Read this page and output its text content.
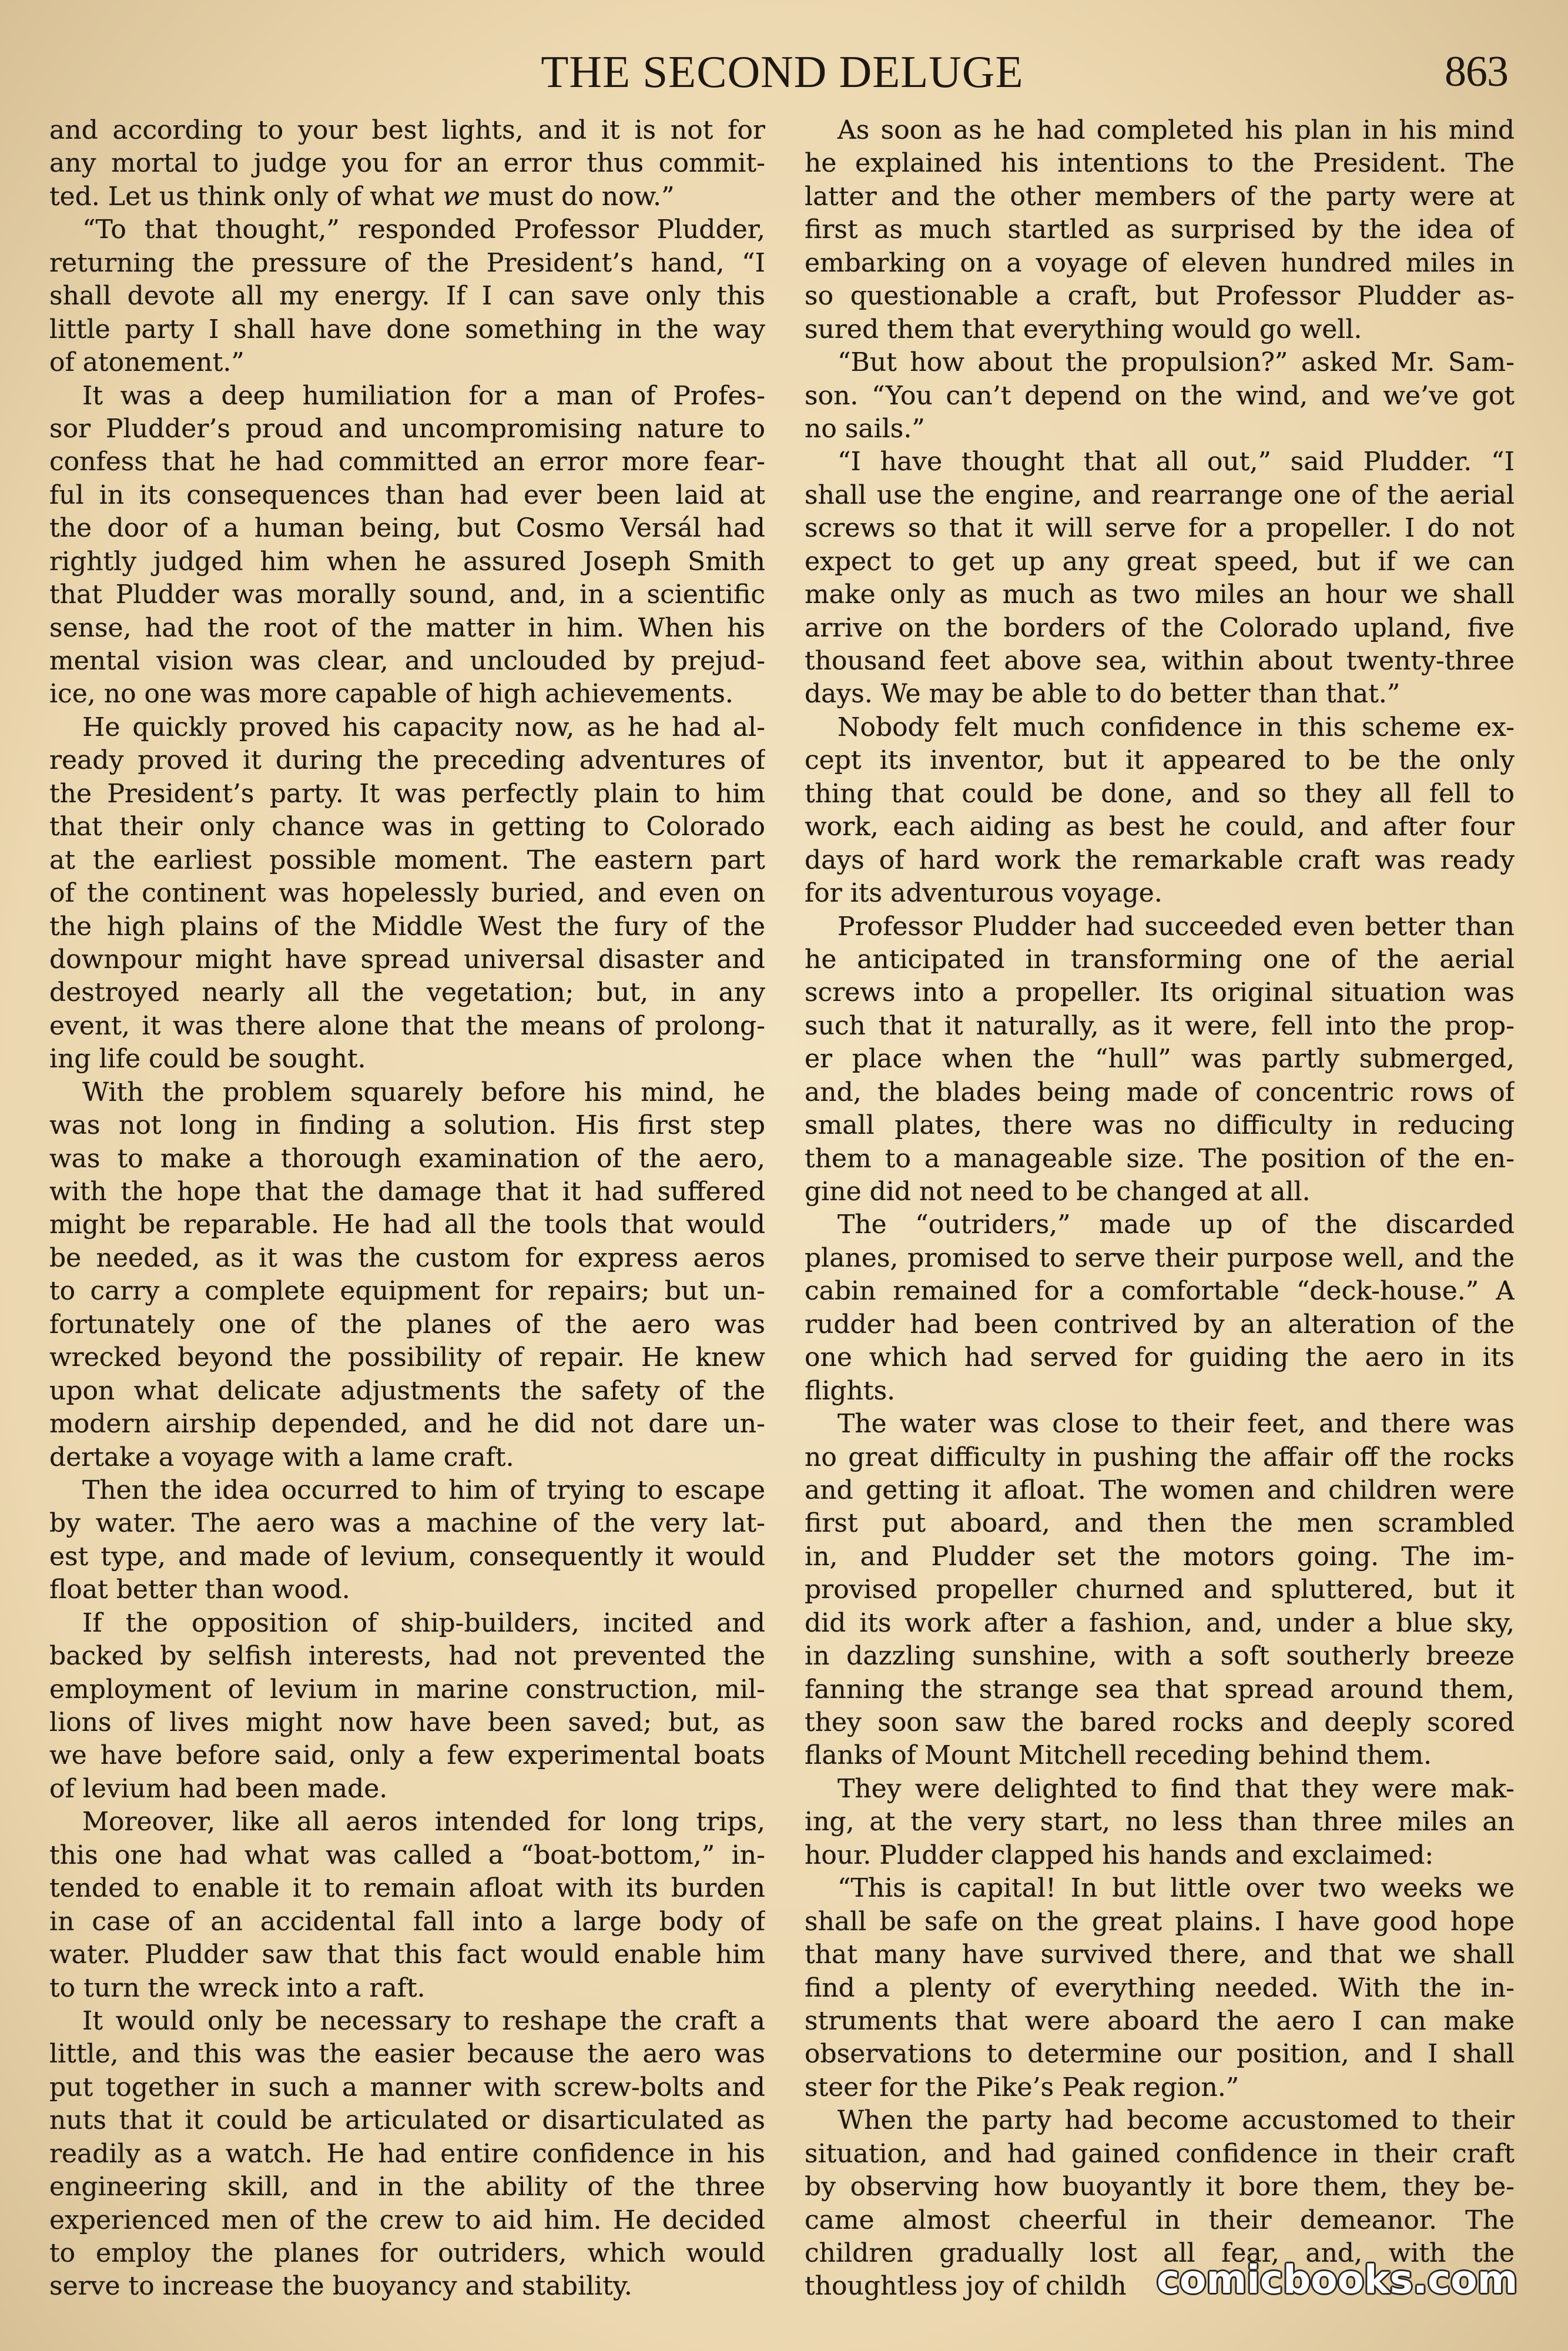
THE SECOND DELUGE	863
and according to your best lights, and it is not for
any mortal to judge you for an error thus commit-
ted. Let us think only of what we must do now.”
“To that thought,” responded Professor Pludder,
returning the pressure of the President’s hand, “I
shall devote all my energy. If I can save only this
little party I shall have done something in the way
of atonement.”
It was a deep humiliation for a man of Profes-
sor Pludder’s proud and uncompromising nature to
confess that he had committed an error more fear-
ful in its consequences than had ever been laid at
the door of a human being, but Cosmo Versál had
rightly judged him when he assured Joseph Smith
that Pludder was morally sound, and, in a scientific
sense, had the root of the matter in him. When his
mental vision was clear, and unclouded by prejud-
ice, no one was more capable of high achievements.
He quickly proved his capacity now, as he had al-
ready proved it during the preceding adventures of
the President’s party. It was perfectly plain to him
that their only chance was in getting to Colorado
at the earliest possible moment. The eastern part
of the continent was hopelessly buried, and even on
the high plains of the Middle West the fury of the
downpour might have spread universal disaster and
destroyed nearly all the vegetation; but, in any
event, it was there alone that the means of prolong-
ing life could be sought.
With the problem squarely before his mind, he
was not long in finding a solution. His first step
was to make a thorough examination of the aero,
with the hope that the damage that it had suffered
might be reparable. He had all the tools that would
be needed, as it was the custom for express aeros
to carry a complete equipment for repairs; but un-
fortunately one of the planes of the aero was
wrecked beyond the possibility of repair. He knew
upon what delicate adjustments the safety of the
modern airship depended, and he did not dare un-
dertake a voyage with a lame craft.
Then the idea occurred to him of trying to escape
by water. The aero was a machine of the very lat-
est type, and made of levium, consequently it would
float better than wood.
If the opposition of ship-builders, incited and
backed by selfish interests, had not prevented the
employment of levium in marine construction, mil-
lions of lives might now have been saved; but, as
we have before said, only a few experimental boats
of levium had been made.
Moreover, like all aeros intended for long trips,
this one had what was called a “boat-bottom,” in-
tended to enable it to remain afloat with its burden
in case of an accidental fall into a large body of
water. Pludder saw that this fact would enable him
to turn the wreck into a raft.
It would only be necessary to reshape the craft a
little, and this was the easier because the aero was
put together in such a manner with screw-bolts and
nuts that it could be articulated or disarticulated as
readily as a watch. He had entire confidence in his
engineering skill, and in the ability of the three
experienced men of the crew to aid him. He decided
to employ the planes for outriders, which would
serve to increase the buoyancy and stability.
As soon as he had completed his plan in his mind
he explained his intentions to the President. The
latter and the other members of the party were at
first as much startled as surprised by the idea of
embarking on a voyage of eleven hundred miles in
so questionable a craft, but Professor Pludder as-
sured them that everything would go well.
“But how about the propulsion?” asked Mr. Sam-
son. “You can’t depend on the wind, and we’ve got
no sails.”
“I have thought that all out,” said Pludder. “I
shall use the engine, and rearrange one of the aerial
screws so that it will serve for a propeller. I do not
expect to get up any great speed, but if we can
make only as much as two miles an hour we shall
arrive on the borders of the Colorado upland, five
thousand feet above sea, within about twenty-three
days. We may be able to do better than that.”
Nobody felt much confidence in this scheme ex-
cept its inventor, but it appeared to be the only
thing that could be done, and so they all fell to
work, each aiding as best he could, and after four
days of hard work the remarkable craft was ready
for its adventurous voyage.
Professor Pludder had succeeded even better than
he anticipated in transforming one of the aerial
screws into a propeller. Its original situation was
such that it naturally, as it were, fell into the prop-
er place when the “hull” was partly submerged,
and, the blades being made of concentric rows of
small plates, there was no difficulty in reducing
them to a manageable size. The position of the en-
gine did not need to be changed at all.
The “outriders,” made up of the discarded
planes, promised to serve their purpose well, and the
cabin remained for a comfortable “deck-house.” A
rudder had been contrived by an alteration of the
one which had served for guiding the aero in its
flights.
The water was close to their feet, and there was
no great difficulty in pushing the affair off the rocks
and getting it afloat. The women and children were
first put aboard, and then the men scrambled
in, and Pludder set the motors going. The im-
provised propeller churned and spluttered, but it
did its work after a fashion, and, under a blue sky,
in dazzling sunshine, with a soft southerly breeze
fanning the strange sea that spread around them,
they soon saw the bared rocks and deeply scored
flanks of Mount Mitchell receding behind them.
They were delighted to find that they were mak-
ing, at the very start, no less than three miles an
hour. Pludder clapped his hands and exclaimed:
“This is capital! In but little over two weeks we
shall be safe on the great plains. I have good hope
that many have survived there, and that we shall
find a plenty of everything needed. With the in-
struments that were aboard the aero I can make
observations to determine our position, and I shall
steer for the Pike’s Peak region.”
When the party had become accustomed to their
situation, and had gained confidence in their craft
by observing how buoyantly it bore them, they be-
came almost cheerful in their demeanor. The
children gradually lost all fear, and, with the
thoughtless joy of childh comicbooks.com
